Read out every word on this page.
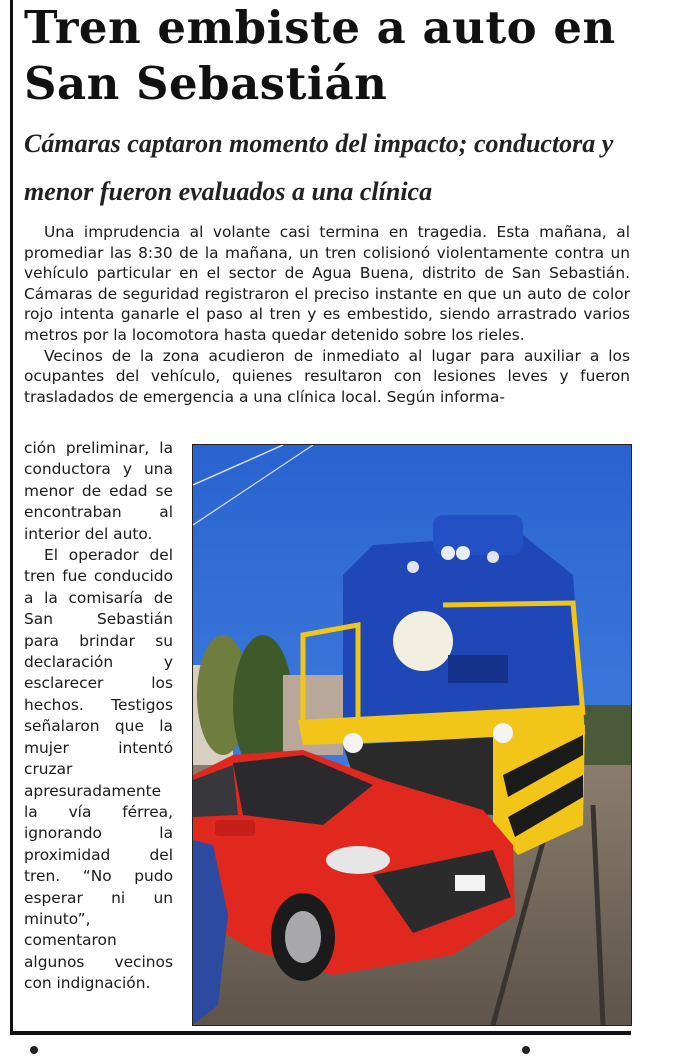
Tren embiste a auto en San Sebastián
Cámaras captaron momento del impacto; conductora y menor fueron evaluados a una clínica

Una imprudencia al volante casi termina en tragedia. Esta mañana, al promediar las 8:30 de la mañana, un tren colisionó violentamente contra un vehículo particular en el sector de Agua Buena, distrito de San Sebastián. Cámaras de seguridad registraron el preciso instante en que un auto de color rojo intenta ganarle el paso al tren y es embestido, siendo arrastrado varios metros por la locomotora hasta quedar detenido sobre los rieles.

Vecinos de la zona acudieron de inmediato al lugar para auxiliar a los ocupantes del vehículo, quienes resultaron con lesiones leves y fueron trasladados de emergencia a una clínica local. Según informa-

ción preliminar, la conductora y una menor de edad se encontraban al interior del auto.

El operador del tren fue conducido a la comisaría de San Sebastián para brindar su declaración y esclarecer los hechos. Testigos señalaron que la mujer intentó cruzar apresuradamente la vía férrea, ignorando la proximidad del tren. “No pudo esperar ni un minuto”, comentaron algunos vecinos con indignación.
